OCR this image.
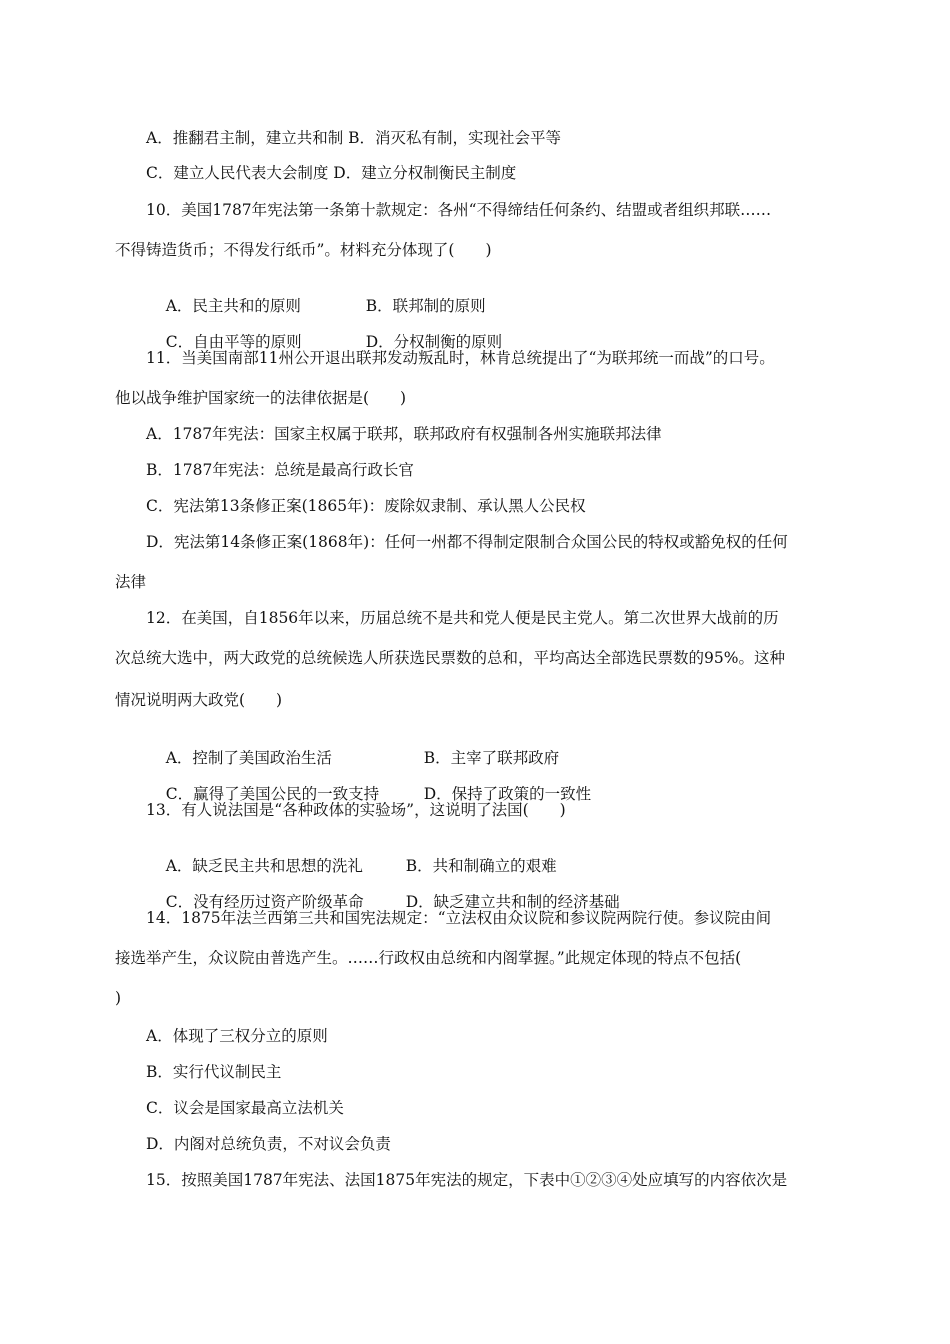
A．推翻君主制，建立共和制 B．消灭私有制，实现社会平等
C．建立人民代表大会制度 D．建立分权制衡民主制度
10．美国1787年宪法第一条第十款规定：各州“不得缔结任何条约、结盟或者组织邦联……
不得铸造货币；不得发行纸币”。材料充分体现了(　　)

A．民主共和的原则	B．联邦制的原则

C．自由平等的原则	D．分权制衡的原则

11．当美国南部11州公开退出联邦发动叛乱时，林肯总统提出了“为联邦统一而战”的口号。
他以战争维护国家统一的法律依据是(　　)
A．1787年宪法：国家主权属于联邦，联邦政府有权强制各州实施联邦法律
B．1787年宪法：总统是最高行政长官
C．宪法第13条修正案(1865年)：废除奴隶制、承认黑人公民权
D．宪法第14条修正案(1868年)：任何一州都不得制定限制合众国公民的特权或豁免权的任何
法律
12．在美国，自1856年以来，历届总统不是共和党人便是民主党人。第二次世界大战前的历
次总统大选中，两大政党的总统候选人所获选民票数的总和，平均高达全部选民票数的95%。这种
情况说明两大政党(　　)

A．控制了美国政治生活	B．主宰了联邦政府

C．赢得了美国公民的一致支持	D．保持了政策的一致性

13．有人说法国是“各种政体的实验场”，这说明了法国(　　)

A．缺乏民主共和思想的洗礼	B．共和制确立的艰难

C．没有经历过资产阶级革命	D．缺乏建立共和制的经济基础

14．1875年法兰西第三共和国宪法规定：“立法权由众议院和参议院两院行使。参议院由间
接选举产生，众议院由普选产生。……行政权由总统和内阁掌握。”此规定体现的特点不包括(
)
A．体现了三权分立的原则
B．实行代议制民主
C．议会是国家最高立法机关
D．内阁对总统负责，不对议会负责
15．按照美国1787年宪法、法国1875年宪法的规定，下表中①②③④处应填写的内容依次是
